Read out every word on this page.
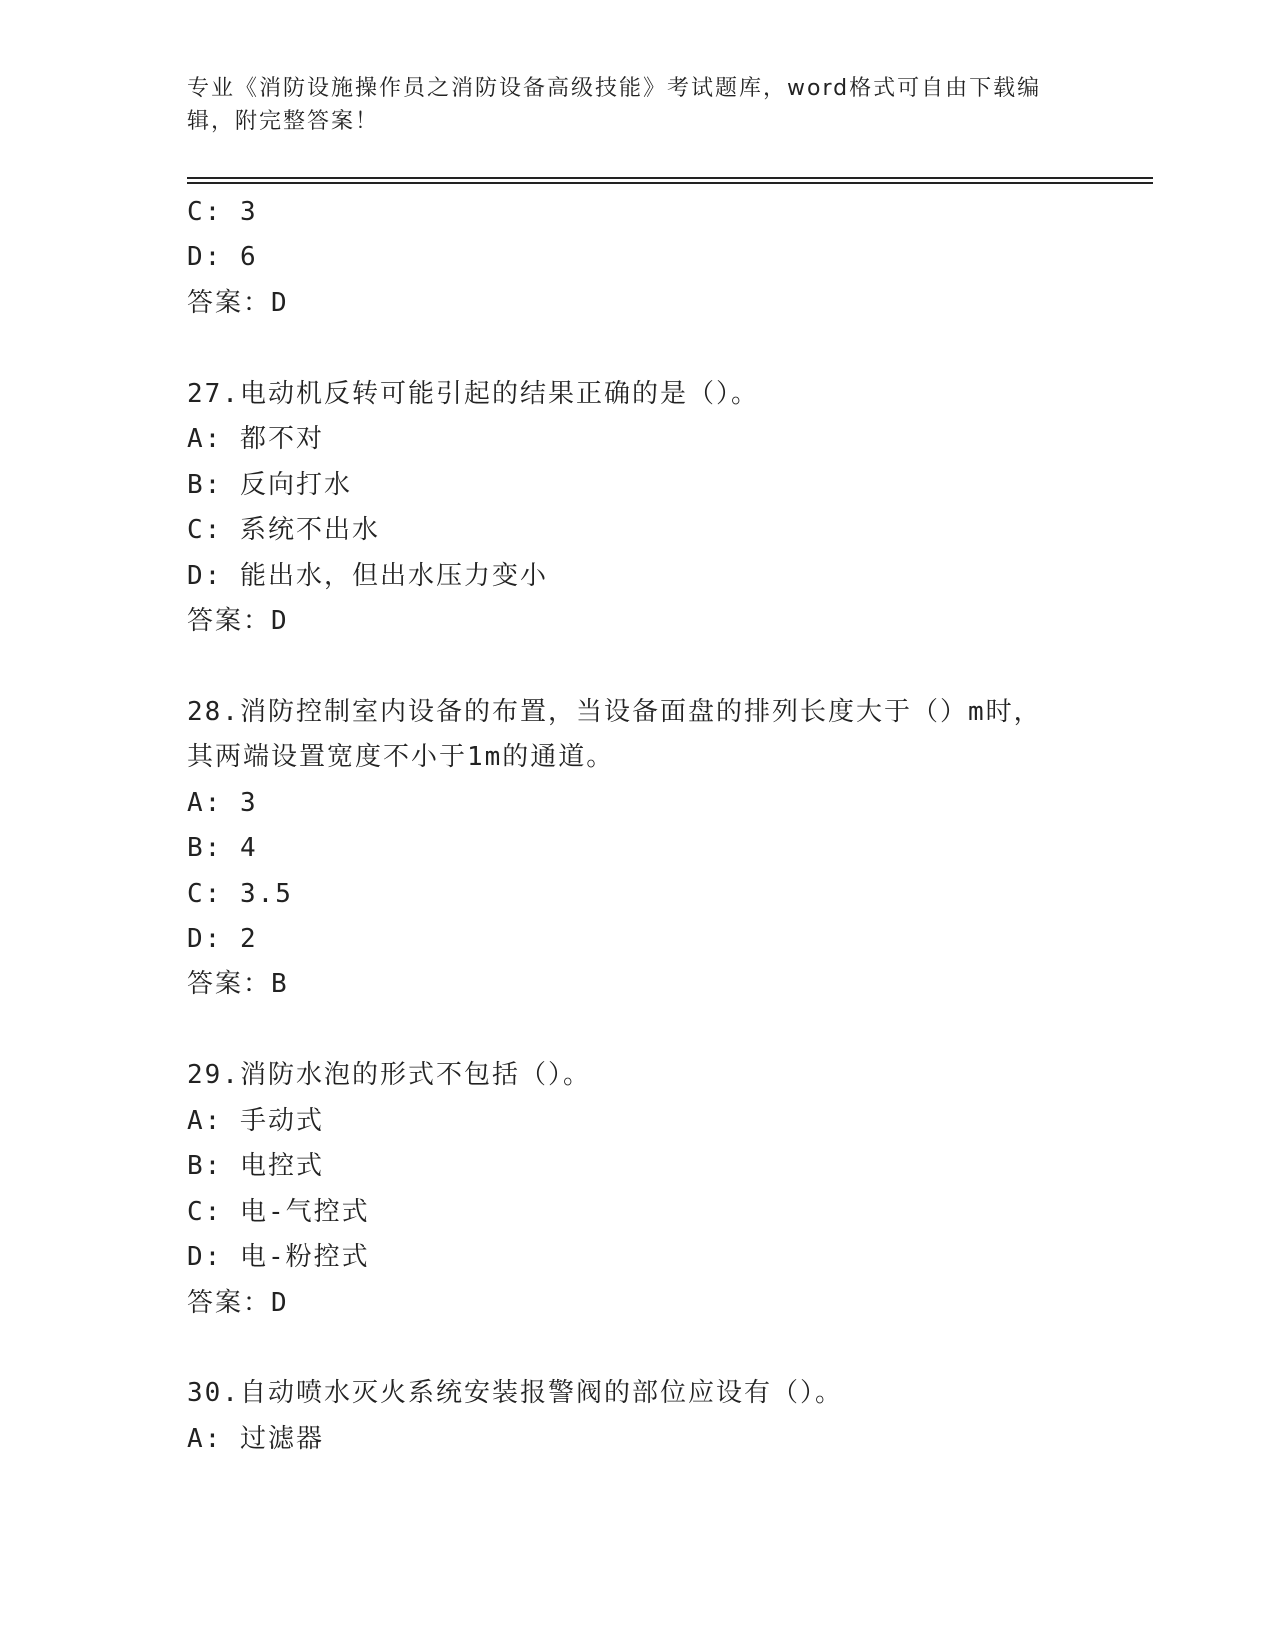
专业《消防设施操作员之消防设备高级技能》考试题库，word格式可自由下载编辑，附完整答案！

C: 3
D: 6
答案：D
27.电动机反转可能引起的结果正确的是（）。
A: 都不对
B: 反向打水
C: 系统不出水
D: 能出水，但出水压力变小
答案：D
28.消防控制室内设备的布置，当设备面盘的排列长度大于（）m时，
其两端设置宽度不小于1m的通道。
A: 3
B: 4
C: 3.5
D: 2
答案：B
29.消防水泡的形式不包括（）。
A: 手动式
B: 电控式
C: 电-气控式
D: 电-粉控式
答案：D
30.自动喷水灭火系统安装报警阀的部位应设有（）。
A: 过滤器
